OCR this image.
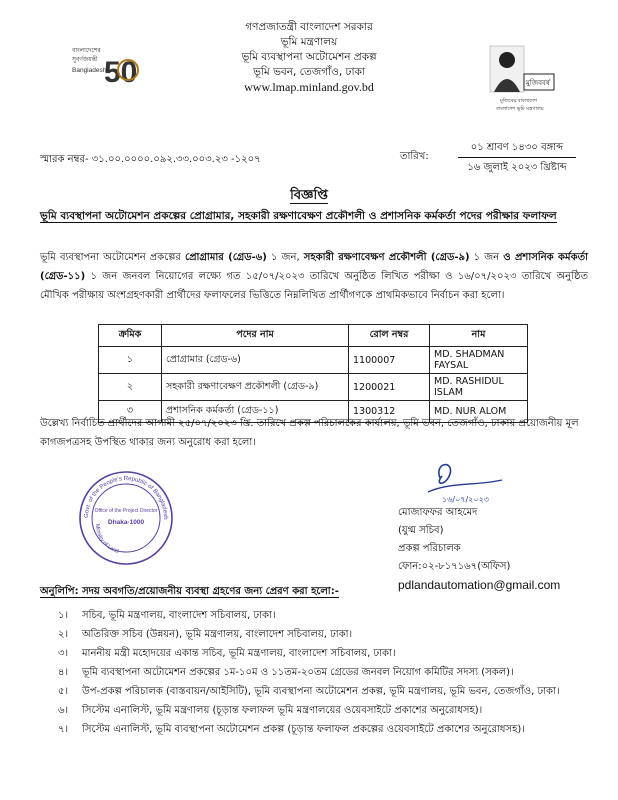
বাংলাদেশের
সুবর্ণজয়ন্তী
Bangladesh
50
গণপ্রজাতন্ত্রী বাংলাদেশ সরকার
ভূমি মন্ত্রণালয়
ভূমি ব্যবস্থাপনা অটোমেশন প্রকল্প
ভূমি ভবন, তেজগাঁও, ঢাকা
www.lmap.minland.gov.bd	মুজিববর্ষ
মুজিবের বাংলাদেশ
বাংলাদেশ ভূমি মন্ত্রণালয়
স্মারক নম্বর- ৩১.০০.০০০০.০৯২.৩৩.০০৩.২৩ -১২০৭	তারিখ:
০১ শ্রাবণ ১৪৩০ বঙ্গাব্দ
১৬ জুলাই ২০২৩ খ্রিষ্টাব্দ
বিজ্ঞপ্তি
ভূমি ব্যবস্থাপনা অটোমেশন প্রকল্পের প্রোগ্রামার, সহকারী রক্ষণাবেক্ষণ প্রকৌশলী ও প্রশাসনিক কর্মকর্তা পদের পরীক্ষার ফলাফল
ভূমি ব্যবস্থাপনা অটোমেশন প্রকল্পের প্রোগ্রামার (গ্রেড-৬) ১ জন, সহকারী রক্ষণাবেক্ষণ প্রকৌশলী (গ্রেড-৯) ১ জন ও প্রশাসনিক কর্মকর্তা (গ্রেড-১১) ১ জন জনবল নিয়োগের লক্ষ্যে গত ১৫/০৭/২০২৩ তারিখে অনুষ্ঠিত লিখিত পরীক্ষা ও ১৬/০৭/২০২৩ তারিখে অনুষ্ঠিত মৌখিক পরীক্ষায় অংশগ্রহণকারী প্রার্থীদের ফলাফলের ভিত্তিতে নিম্নলিখিত প্রার্থীগণকে প্রাথমিকভাবে নির্বাচন করা হলো।
ক্রমিক	পদের নাম	রোল নম্বর	নাম
১	প্রোগ্রামার (গ্রেড-৬)	1100007	MD. SHADMAN FAYSAL
২	সহকারী রক্ষণাবেক্ষণ প্রকৌশলী (গ্রেড-৯)	1200021	MD. RASHIDUL ISLAM
৩	প্রশাসনিক কর্মকর্তা (গ্রেড-১১)	1300312	MD. NUR ALOM
উল্লেখ্য নির্বাচিত প্রার্থীদের আগামী ২৫/০৭/২০২৩ খ্রি. তারিখে প্রকল্প পরিচালকের কার্যালয়, ভূমি ভবন, তেজগাঁও, ঢাকায় প্রয়োজনীয় মূল কাগজপত্রসহ উপস্থিত থাকার জন্য অনুরোধ করা হলো।
Govt. of the People's Republic of Bangladesh
Ministry of Land
Office of the Project Director
Dhaka-1000
১৬/০৭/২০২৩
মোজাফফর আহমেদ
(যুগ্ম সচিব)
প্রকল্প পরিচালক
ফোন:০২-৮১৭১৬৭(অফিস)
pdlandautomation@gmail.com
অনুলিপি: সদয় অবগতি/প্রয়োজনীয় ব্যবস্থা গ্রহণের জন্য প্রেরণ করা হলো:-
১। সচিব, ভূমি মন্ত্রণালয়, বাংলাদেশ সচিবালয়, ঢাকা।
২। অতিরিক্ত সচিব (উন্নয়ন), ভূমি মন্ত্রণালয়, বাংলাদেশ সচিবালয়, ঢাকা।
৩। মাননীয় মন্ত্রী মহোদয়ের একান্ত সচিব, ভূমি মন্ত্রণালয়, বাংলাদেশ সচিবালয়, ঢাকা।
৪। ভূমি ব্যবস্থাপনা অটোমেশন প্রকল্পের ১ম-১০ম ও ১১তম-২০তম গ্রেডের জনবল নিয়োগ কমিটির সদস্য (সকল)।
৫। উপ-প্রকল্প পরিচালক (বাস্তবায়ন/আইসিটি), ভূমি ব্যবস্থাপনা অটোমেশন প্রকল্প, ভূমি মন্ত্রণালয়, ভূমি ভবন, তেজগাঁও, ঢাকা।
৬। সিস্টেম এনালিস্ট, ভূমি মন্ত্রণালয় (চূড়ান্ত ফলাফল ভূমি মন্ত্রণালয়ের ওয়েবসাইটে প্রকাশের অনুরোধসহ)।
৭। সিস্টেম এনালিস্ট, ভূমি ব্যবস্থাপনা অটোমেশন প্রকল্প (চূড়ান্ত ফলাফল প্রকল্পের ওয়েবসাইটে প্রকাশের অনুরোধসহ)।
